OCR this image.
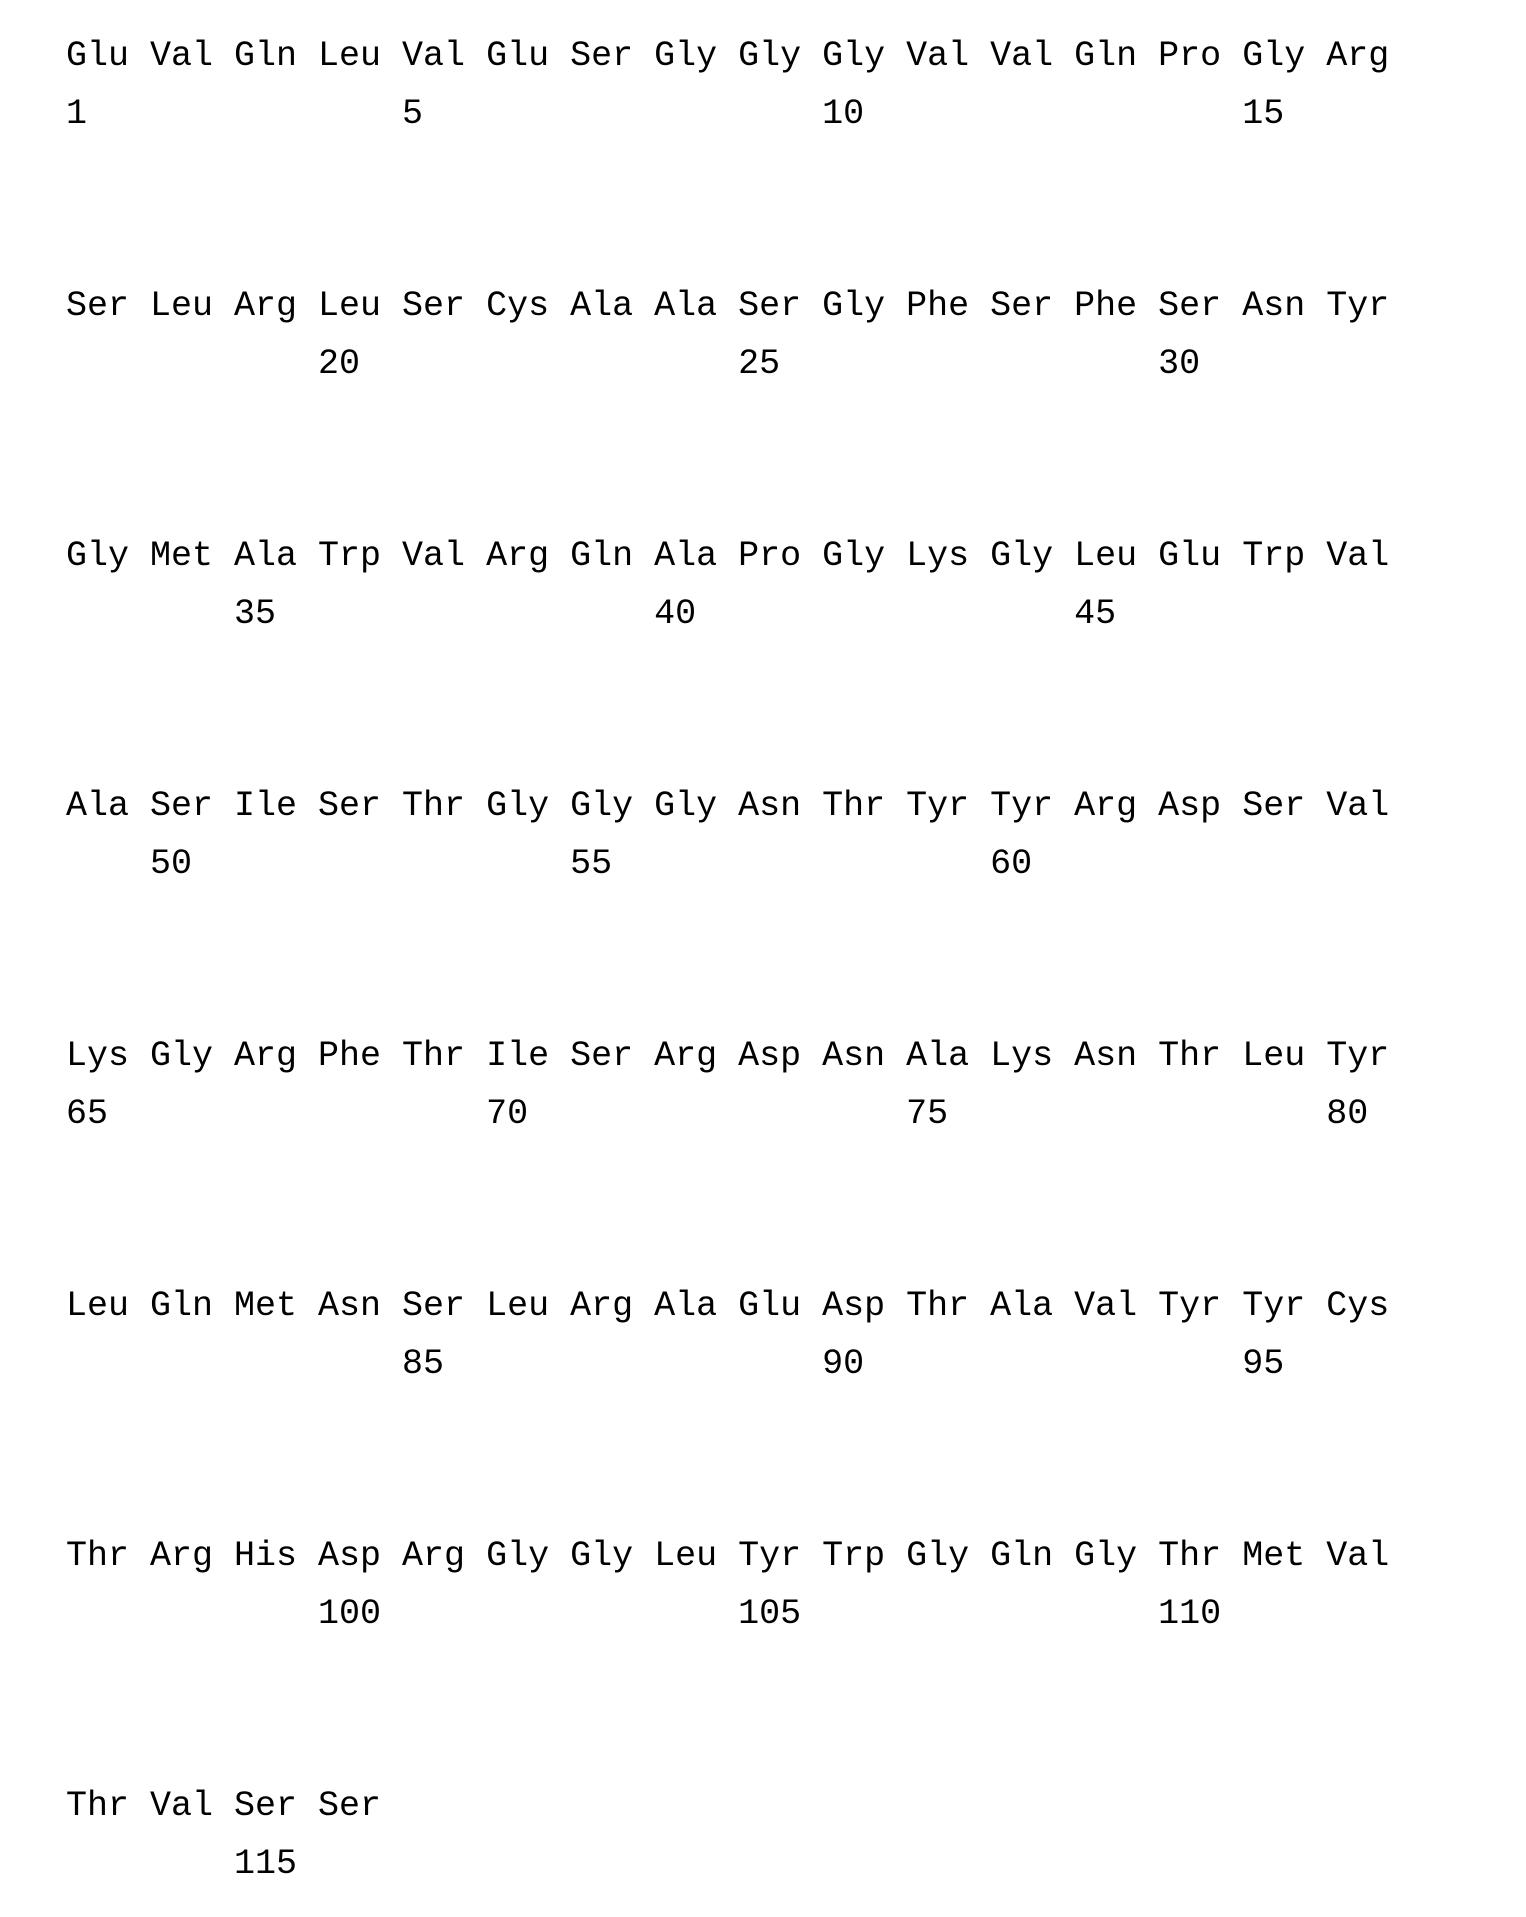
Glu Val Gln Leu Val Glu Ser Gly Gly Gly Val Val Gln Pro Gly Arg
1               5                   10                  15
Ser Leu Arg Leu Ser Cys Ala Ala Ser Gly Phe Ser Phe Ser Asn Tyr
20                  25                  30
Gly Met Ala Trp Val Arg Gln Ala Pro Gly Lys Gly Leu Glu Trp Val
35                  40                  45
Ala Ser Ile Ser Thr Gly Gly Gly Asn Thr Tyr Tyr Arg Asp Ser Val
50                  55                  60
Lys Gly Arg Phe Thr Ile Ser Arg Asp Asn Ala Lys Asn Thr Leu Tyr
65                  70                  75                  80
Leu Gln Met Asn Ser Leu Arg Ala Glu Asp Thr Ala Val Tyr Tyr Cys
85                  90                  95
Thr Arg His Asp Arg Gly Gly Leu Tyr Trp Gly Gln Gly Thr Met Val
100                 105                 110
Thr Val Ser Ser
115
